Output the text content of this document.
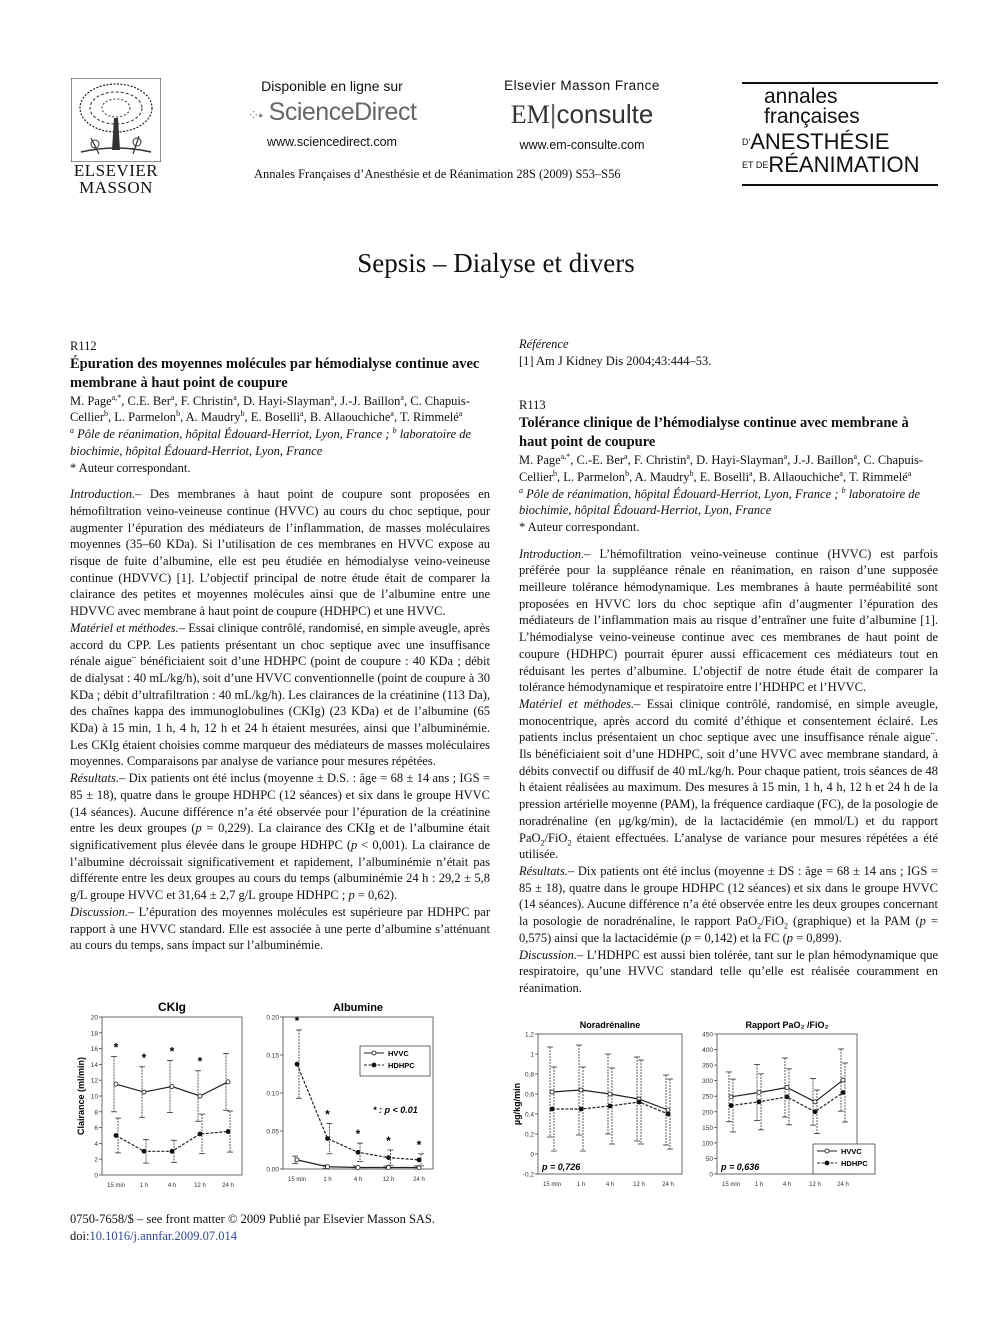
ELSEVIER
MASSON
Disponible en ligne sur
⁘• ScienceDirect
www.sciencedirect.com
Elsevier Masson France
EM|consulte
www.em-consulte.com
annales
françaises
$^{D'}$ANESTHÉSIE
$^{ET DE}$RÉANIMATION
Annales Françaises d’Anesthésie et de Réanimation 28S (2009) S53–S56
Sepsis – Dialyse et divers

R112

Épuration des moyennes molécules par hémodialyse continue avec membrane à haut point de coupure

M. Page$^{a,*}$, C.E. Ber$^a$, F. Christin$^a$, D. Hayi-Slayman$^a$, J.-J. Baillon$^a$, C. Chapuis-Cellier$^b$, L. Parmelon$^b$, A. Maudry$^b$, E. Boselli$^a$, B. Allaouchiche$^a$, T. Rimmelé$^a$

$^a$ Pôle de réanimation, hôpital Édouard-Herriot, Lyon, France ; $^b$ laboratoire de biochimie, hôpital Édouard-Herriot, Lyon, France

* Auteur correspondant.

Introduction.– Des membranes à haut point de coupure sont proposées en hémofiltration veino-veineuse continue (HVVC) au cours du choc septique, pour augmenter l’épuration des médiateurs de l’inflammation, de masses moléculaires moyennes (35–60 KDa). Si l’utilisation de ces membranes en HVVC expose au risque de fuite d’albumine, elle est peu étudiée en hémodialyse veino-veineuse continue (HDVVC) [1]. L’objectif principal de notre étude était de comparer la clairance des petites et moyennes molécules ainsi que de l’albumine entre une HDVVC avec membrane à haut point de coupure (HDHPC) et une HVVC.

Matériel et méthodes.– Essai clinique contrôlé, randomisé, en simple aveugle, après accord du CPP. Les patients présentant un choc septique avec une insuffisance rénale aigue¨ bénéficiaient soit d’une HDHPC (point de coupure : 40 KDa ; débit de dialysat : 40 mL/kg/h), soit d’une HVVC conventionnelle (point de coupure à 30 KDa ; débit d’ultrafiltration : 40 mL/kg/h). Les clairances de la créatinine (113 Da), des chaînes kappa des immunoglobulines (CKIg) (23 KDa) et de l’albumine (65 KDa) à 15 min, 1 h, 4 h, 12 h et 24 h étaient mesurées, ainsi que l’albuminémie. Les CKIg étaient choisies comme marqueur des médiateurs de masses moléculaires moyennes. Comparaisons par analyse de variance pour mesures répétées.

Résultats.– Dix patients ont été inclus (moyenne ± D.S. : âge = 68 ± 14 ans ; IGS = 85 ± 18), quatre dans le groupe HDHPC (12 séances) et six dans le groupe HVVC (14 séances). Aucune différence n’a été observée pour l’épuration de la créatinine entre les deux groupes (p = 0,229). La clairance des CKIg et de l’albumine était significativement plus élevée dans le groupe HDHPC (p < 0,001). La clairance de l’albumine décroissait significativement et rapidement, l’albuminémie n’était pas différente entre les deux groupes au cours du temps (albuminémie 24 h : 29,2 ± 5,8 g/L groupe HVVC et 31,64 ± 2,7 g/L groupe HDHPC ; p = 0,62).

Discussion.– L’épuration des moyennes molécules est supérieure par HDHPC par rapport à une HVVC standard. Elle est associée à une perte d’albumine s’atténuant au cours du temps, sans impact sur l’albuminémie.

CKIg
0
2
4
6
8
10
12
14
16
18
20
Clairance (ml/min)
15 min 1 h	4 h	12 h	24 h
*
* *
*
Albumine
0.00
0.05
0.10
0.15
0.20
15 min	1 h	4 h	12 h	24 h
*
*
* * *
HVVC
HDHPC
* : p < 0.01

Référence

[1] Am J Kidney Dis 2004;43:444–53.

R113

Tolérance clinique de l’hémodialyse continue avec membrane à haut point de coupure

M. Page$^{a,*}$, C.-E. Ber$^a$, F. Christin$^a$, D. Hayi-Slayman$^a$, J.-J. Baillon$^a$, C. Chapuis-Cellier$^b$, L. Parmelon$^b$, A. Maudry$^b$, E. Boselli$^a$, B. Allaouchiche$^a$, T. Rimmelé$^a$

$^a$ Pôle de réanimation, hôpital Édouard-Herriot, Lyon, France ; $^b$ laboratoire de biochimie, hôpital Édouard-Herriot, Lyon, France

* Auteur correspondant.

Introduction.– L’hémofiltration veino-veineuse continue (HVVC) est parfois préférée pour la suppléance rénale en réanimation, en raison d’une supposée meilleure tolérance hémodynamique. Les membranes à haute perméabilité sont proposées en HVVC lors du choc septique afin d’augmenter l’épuration des médiateurs de l’inflammation mais au risque d’entraîner une fuite d’albumine [1]. L’hémodialyse veino-veineuse continue avec ces membranes de haut point de coupure (HDHPC) pourrait épurer aussi efficacement ces médiateurs tout en réduisant les pertes d’albumine. L’objectif de notre étude était de comparer la tolérance hémodynamique et respiratoire entre l’HDHPC et l’HVVC.

Matériel et méthodes.– Essai clinique contrôlé, randomisé, en simple aveugle, monocentrique, après accord du comité d’éthique et consentement éclairé. Les patients inclus présentaient un choc septique avec une insuffisance rénale aigue¨. Ils bénéficiaient soit d’une HDHPC, soit d’une HVVC avec membrane standard, à débits convectif ou diffusif de 40 mL/kg/h. Pour chaque patient, trois séances de 48 h étaient réalisées au maximum. Des mesures à 15 min, 1 h, 4 h, 12 h et 24 h de la pression artérielle moyenne (PAM), la fréquence cardiaque (FC), de la posologie de noradrénaline (en μg/kg/min), de la lactacidémie (en mmol/L) et du rapport PaO$_2$/FiO$_2$ étaient effectuées. L’analyse de variance pour mesures répétées a été utilisée.

Résultats.– Dix patients ont été inclus (moyenne ± DS : âge = 68 ± 14 ans ; IGS = 85 ± 18), quatre dans le groupe HDHPC (12 séances) et six dans le groupe HVVC (14 séances). Aucune différence n’a été observée entre les deux groupes concernant la posologie de noradrénaline, le rapport PaO$_2$/FiO$_2$ (graphique) et la PAM (p = 0,575) ainsi que la lactacidémie (p = 0,142) et la FC (p = 0,899).

Discussion.– L’HDHPC est aussi bien tolérée, tant sur le plan hémodynamique que respiratoire, qu’une HVVC standard telle qu’elle est réalisée couramment en réanimation.

Noradrénaline
-0,2
0
0,2
0,4
0,6
0,8
1
1,2
µg/kg/min
15 min	1 h	4 h	12 h	24 h
p = 0,726
Rapport PaO₂ /FiO₂
0
50
100
150
200
250
300
350
400
450
15 min 1 h	4 h	12 h	24 h
HVVC
HDHPC
p = 0,636
0750-7658/$ – see front matter © 2009 Publié par Elsevier Masson SAS.
doi:10.1016/j.annfar.2009.07.014
